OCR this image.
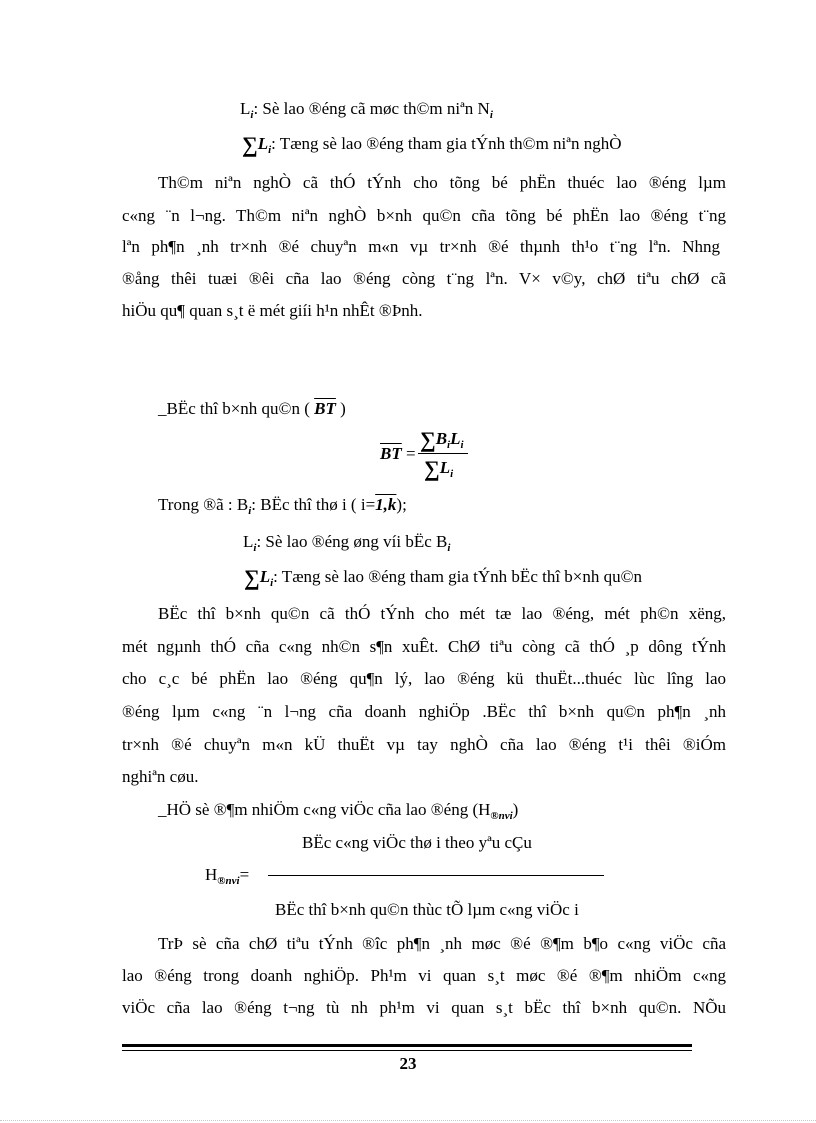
$L_i$: Sè lao ®éng cã møc th©m niªn $N_i$
$\sum L_i$: Tæng sè lao ®éng tham gia tÝnh th©m niªn nghÒ
Th©m niªn nghÒ cã thÓ tÝnh cho tõng bé phËn thuéc lao ®éng lµm
c«ng ¨n l¬ng. Th©m niªn nghÒ b×nh qu©n cña tõng bé phËn lao ®éng t¨ng
lªn ph¶n ¸nh tr×nh ®é chuyªn m«n vµ tr×nh ®é thµnh th¹o t¨ng lªn. Nhng
®ång thêi tuæi ®êi cña lao ®éng còng t¨ng lªn. V× v©y, chØ tiªu chØ cã
hiÖu qu¶ quan s¸t ë mét giíi h¹n nhÊt ®Þnh.
_BËc thî b×nh qu©n ( $\overline{BT}$ )
$\overline{BT}$ =
$\sum B_iL_i$
$\sum L_i$
Trong ®ã : $B_i$: BËc thî thø i ( i=1,k);
$L_i$: Sè lao ®éng øng víi bËc $B_i$
$\sum L_i$: Tæng sè lao ®éng tham gia tÝnh bËc thî b×nh qu©n
BËc thî b×nh qu©n cã thÓ tÝnh cho mét tæ lao ®éng, mét ph©n xëng,
mét ngµnh thÓ cña c«ng nh©n s¶n xuÊt. ChØ tiªu còng cã thÓ ¸p dông tÝnh
cho c¸c bé phËn lao ®éng qu¶n lý, lao ®éng kü thuËt...thuéc lùc lîng lao
®éng lµm c«ng ¨n l¬ng cña doanh nghiÖp .BËc thî b×nh qu©n ph¶n ¸nh
tr×nh ®é chuyªn m«n kÜ thuËt vµ tay nghÒ cña lao ®éng t¹i thêi ®iÓm
nghiªn cøu.
_HÖ sè ®¶m nhiÖm c«ng viÖc cña lao ®éng $(H_{®nvi})$
BËc c«ng viÖc thø i theo yªu cÇu
$H_{®nvi}=$
BËc thî b×nh qu©n thùc tÕ lµm c«ng viÖc i
TrÞ sè cña chØ tiªu tÝnh ®îc ph¶n ¸nh møc ®é ®¶m b¶o c«ng viÖc cña
lao ®éng trong doanh nghiÖp. Ph¹m vi quan s¸t møc ®é ®¶m nhiÖm c«ng
viÖc cña lao ®éng t¬ng tù nh ph¹m vi quan s¸t bËc thî b×nh qu©n. NÕu
23
